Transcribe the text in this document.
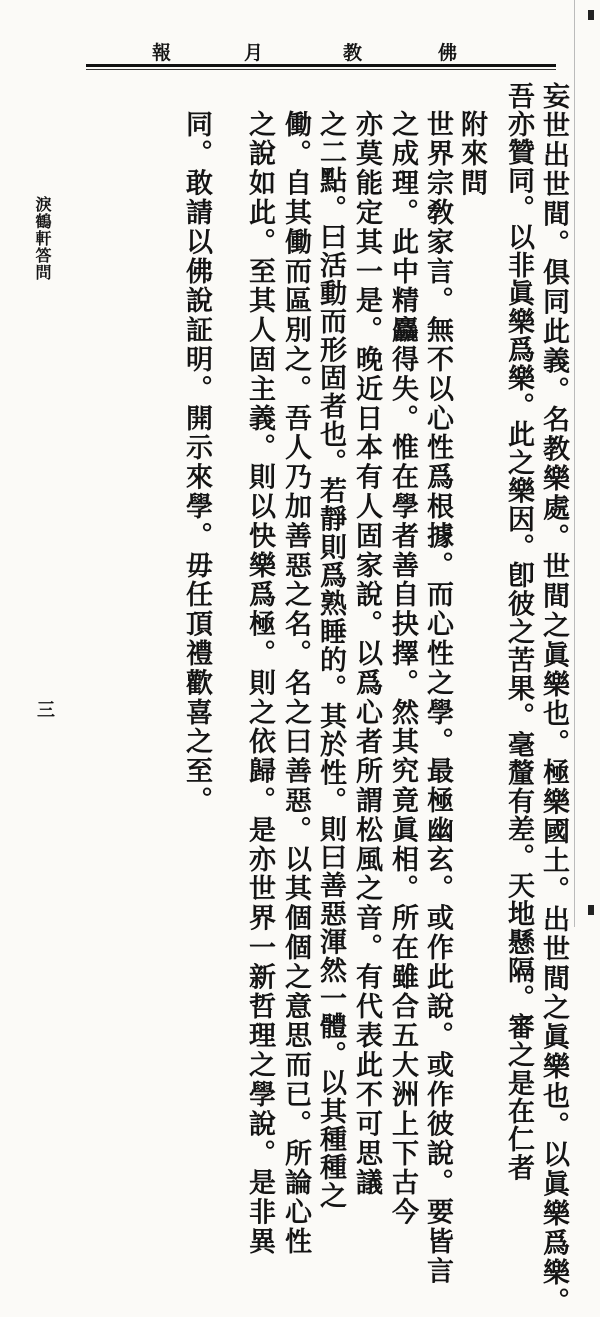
佛
教
月
報
淚鶴軒答問
三	妄世出世間。俱同此義。名教樂處。世間之眞樂也。極樂國土。出世間之眞樂也。以眞樂爲樂。
吾亦贊同。以非眞樂爲樂。此之樂因。卽彼之苦果。毫釐有差。天地懸隔。審之是在仁者
附來問
世界宗敎家言。無不以心性爲根據。而心性之學。最極幽玄。或作此說。或作彼說。要皆言
之成理。此中精麤得失。惟在學者善自抉擇。然其究竟眞相。所在雖合五大洲上下古今
亦莫能定其一是。晚近日本有人固家說。以爲心者所謂松風之音。有代表此不可思議
之二點。曰活動而形固者也。若靜則爲熟睡的。其於性。則曰善惡渾然一體。以其種種之
働。自其働而區別之。吾人乃加善惡之名。名之曰善惡。以其個個之意思而已。所論心性
之說如此。至其人固主義。則以快樂爲極。則之依歸。是亦世界一新哲理之學說。是非異
同。敢請以佛說証明。開示來學。毋任頂禮歡喜之至。
